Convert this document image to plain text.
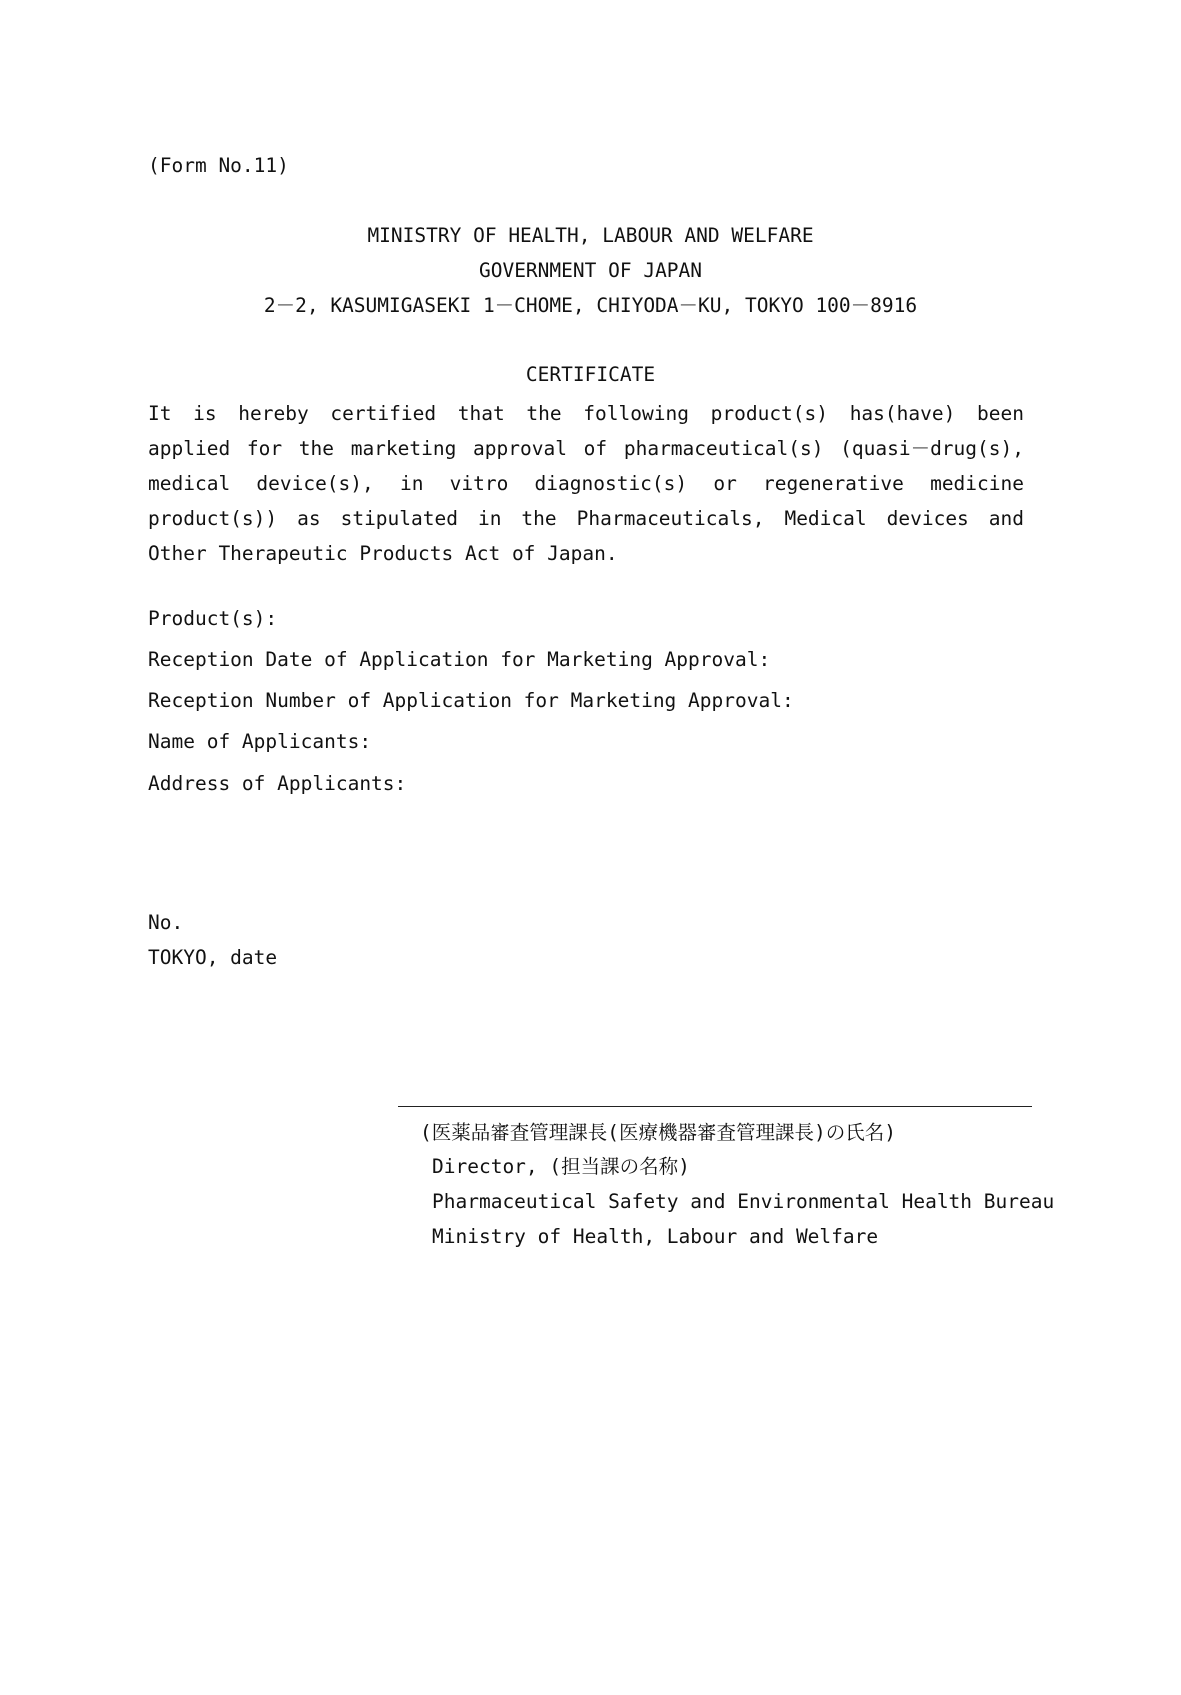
(Form No.11)
MINISTRY OF HEALTH, LABOUR AND WELFARE
GOVERNMENT OF JAPAN
2－2, KASUMIGASEKI 1－CHOME, CHIYODA－KU, TOKYO 100－8916
CERTIFICATE
It is hereby certified that the following product(s) has(have) been applied for the marketing approval of pharmaceutical(s) (quasi－drug(s), medical device(s), in vitro diagnostic(s) or regenerative medicine product(s)) as stipulated in the Pharmaceuticals, Medical devices and Other Therapeutic Products Act of Japan.
Product(s):
Reception Date of Application for Marketing Approval:
Reception Number of Application for Marketing Approval:
Name of Applicants:
Address of Applicants:
No.
TOKYO, date
(医薬品審査管理課長(医療機器審査管理課長)の氏名)
Director, (担当課の名称)
Pharmaceutical Safety and Environmental Health Bureau
Ministry of Health, Labour and Welfare
